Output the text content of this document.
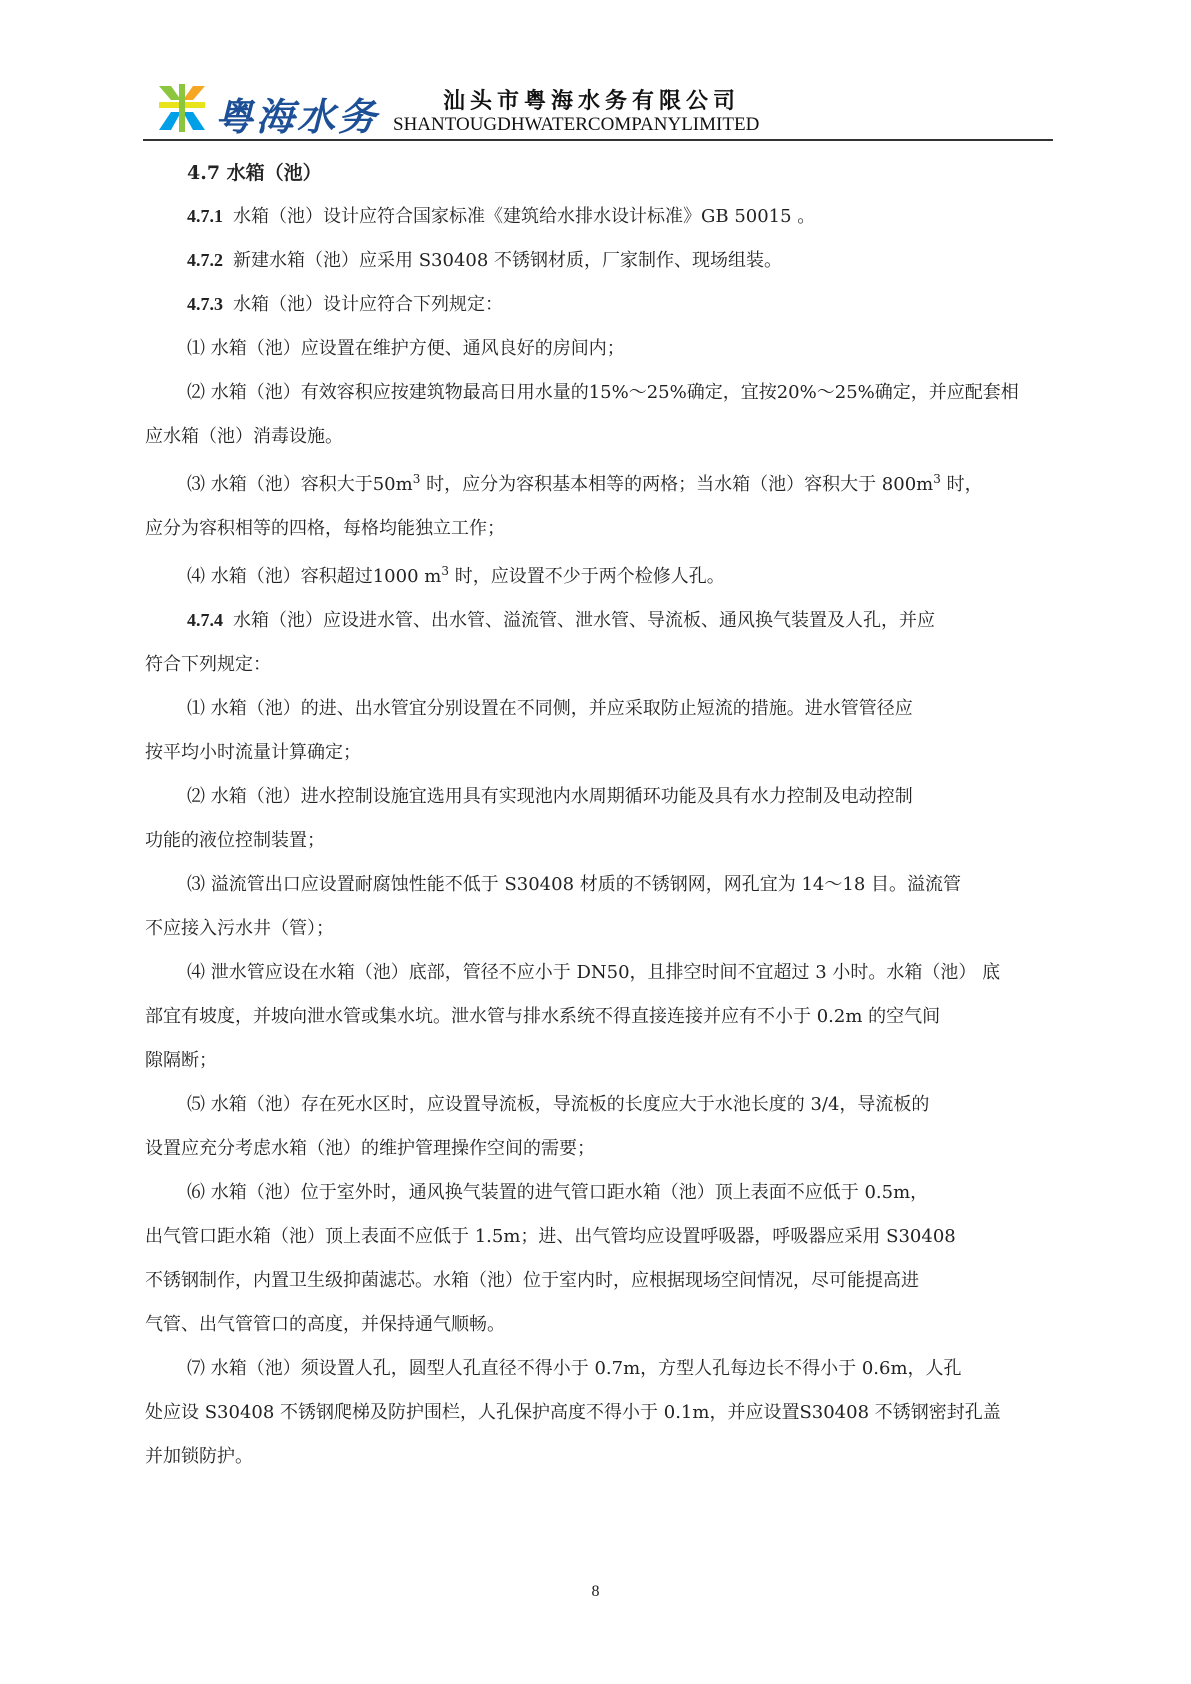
粤海水务	汕头市粤海水务有限公司
SHANTOUGDHWATERCOMPANYLIMITED
4.7 水箱（池）
4.7.1 水箱（池）设计应符合国家标准《建筑给水排水设计标准》GB 50015 。
4.7.2 新建水箱（池）应采用 S30408 不锈钢材质，厂家制作、现场组装。
4.7.3 水箱（池）设计应符合下列规定：
⑴ 水箱（池）应设置在维护方便、通风良好的房间内；
⑵ 水箱（池）有效容积应按建筑物最高日用水量的15%～25%确定，宜按20%～25%确定，并应配套相
应水箱（池）消毒设施。
⑶ 水箱（池）容积大于$50m^3$ 时，应分为容积基本相等的两格；当水箱（池）容积大于 $800m^3$ 时，
应分为容积相等的四格，每格均能独立工作；
⑷ 水箱（池）容积超过1000 $m^3$ 时，应设置不少于两个检修人孔。
4.7.4 水箱（池）应设进水管、出水管、溢流管、泄水管、导流板、通风换气装置及人孔，并应
符合下列规定：
⑴ 水箱（池）的进、出水管宜分别设置在不同侧，并应采取防止短流的措施。进水管管径应
按平均小时流量计算确定；
⑵ 水箱（池）进水控制设施宜选用具有实现池内水周期循环功能及具有水力控制及电动控制
功能的液位控制装置；
⑶ 溢流管出口应设置耐腐蚀性能不低于 S30408 材质的不锈钢网，网孔宜为 14～18 目。溢流管
不应接入污水井（管）；
⑷ 泄水管应设在水箱（池）底部，管径不应小于 DN50，且排空时间不宜超过 3 小时。水箱（池） 底
部宜有坡度，并坡向泄水管或集水坑。泄水管与排水系统不得直接连接并应有不小于 0.2m 的空气间
隙隔断；
⑸ 水箱（池）存在死水区时，应设置导流板，导流板的长度应大于水池长度的 3/4，导流板的
设置应充分考虑水箱（池）的维护管理操作空间的需要；
⑹ 水箱（池）位于室外时，通风换气装置的进气管口距水箱（池）顶上表面不应低于 0.5m，
出气管口距水箱（池）顶上表面不应低于 1.5m；进、出气管均应设置呼吸器，呼吸器应采用 S30408
不锈钢制作，内置卫生级抑菌滤芯。水箱（池）位于室内时，应根据现场空间情况，尽可能提高进
气管、出气管管口的高度，并保持通气顺畅。
⑺ 水箱（池）须设置人孔，圆型人孔直径不得小于 0.7m，方型人孔每边长不得小于 0.6m，人孔
处应设 S30408 不锈钢爬梯及防护围栏，人孔保护高度不得小于 0.1m，并应设置S30408 不锈钢密封孔盖
并加锁防护。
8
